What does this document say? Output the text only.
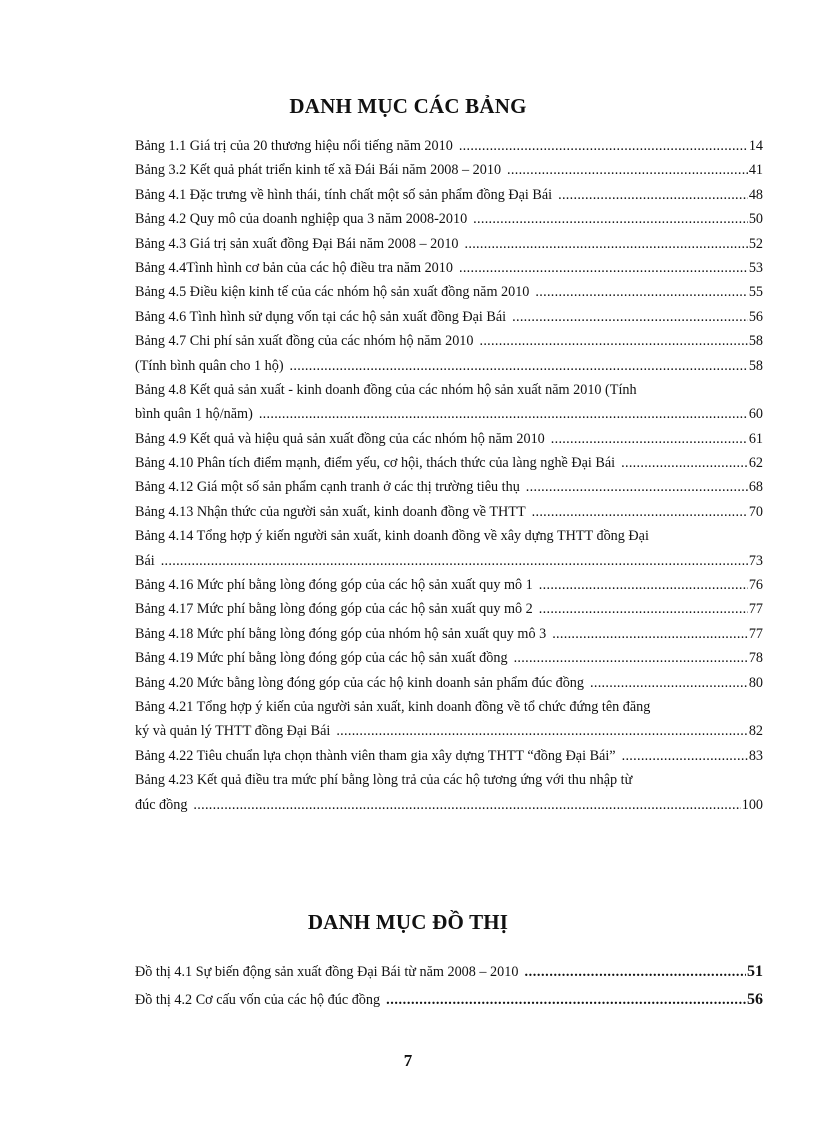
DANH MỤC CÁC BẢNG
Bảng 1.1 Giá trị của 20 thương hiệu nổi tiếng năm 2010 .....	14
Bảng 3.2 Kết quả phát triển kinh tế xã Đái Bái năm 2008 – 2010 .....	41
Bảng 4.1 Đặc trưng về hình thái, tính chất một số sản phẩm đồng Đại Bái .....	48
Bảng 4.2 Quy mô của doanh nghiệp qua 3 năm 2008-2010 .....	50
Bảng 4.3 Giá trị sản xuất đồng Đại Bái năm 2008 – 2010 .....	52
Bảng 4.4Tình hình cơ bản của các hộ điều tra năm 2010 .....	53
Bảng 4.5 Điều kiện kinh tế của các nhóm hộ sản xuất đồng năm 2010 .....	55
Bảng 4.6 Tình hình sử dụng vốn tại các hộ sản xuất đồng Đại Bái .....	56
Bảng 4.7 Chi phí sản xuất đồng của các nhóm hộ năm 2010 .....	58
(Tính bình quân cho 1 hộ) .....	58
Bảng 4.8 Kết quả sản xuất - kinh doanh đồng của các nhóm hộ sản xuất năm 2010 (Tính
bình quân 1 hộ/năm) .....	60
Bảng 4.9 Kết quả và hiệu quả sản xuất đồng của các nhóm hộ năm 2010 .....	61
Bảng 4.10 Phân tích điểm mạnh, điểm yếu, cơ hội, thách thức của làng nghề Đại Bái .....	62
Bảng 4.12 Giá một số sản phẩm cạnh tranh ở các thị trường tiêu thụ .....	68
Bảng 4.13 Nhận thức của người sản xuất, kinh doanh đồng về THTT .....	70
Bảng 4.14 Tổng hợp ý kiến người sản xuất, kinh doanh đồng về xây dựng THTT đồng Đại
Bái .....	73
Bảng 4.16 Mức phí bằng lòng đóng góp của các hộ sản xuất quy mô 1 .....	76
Bảng 4.17 Mức phí bằng lòng đóng góp của các hộ sản xuất quy mô 2 .....	77
Bảng 4.18 Mức phí bằng lòng đóng góp của nhóm hộ sản xuất quy mô 3 .....	77
Bảng 4.19 Mức phí bằng lòng đóng góp của các hộ sản xuất đồng .....	78
Bảng 4.20 Mức bằng lòng đóng góp của các hộ kinh doanh sản phẩm đúc đồng .....	80
Bảng 4.21 Tổng hợp ý kiến của người sản xuất, kinh doanh đồng về tổ chức đứng tên đăng
ký và quản lý THTT đồng Đại Bái .....	82
Bảng 4.22 Tiêu chuẩn lựa chọn thành viên tham gia xây dựng THTT “đồng Đại Bái” .....	83
Bảng 4.23 Kết quả điều tra mức phí bằng lòng trả của các hộ tương ứng với thu nhập từ
đúc đồng .....	100
DANH MỤC ĐỒ THỊ
Đồ thị 4.1 Sự biến động sản xuất đồng Đại Bái từ năm 2008 – 2010 .....	51
Đồ thị 4.2 Cơ cấu vốn của các hộ đúc đồng .....	56
7
